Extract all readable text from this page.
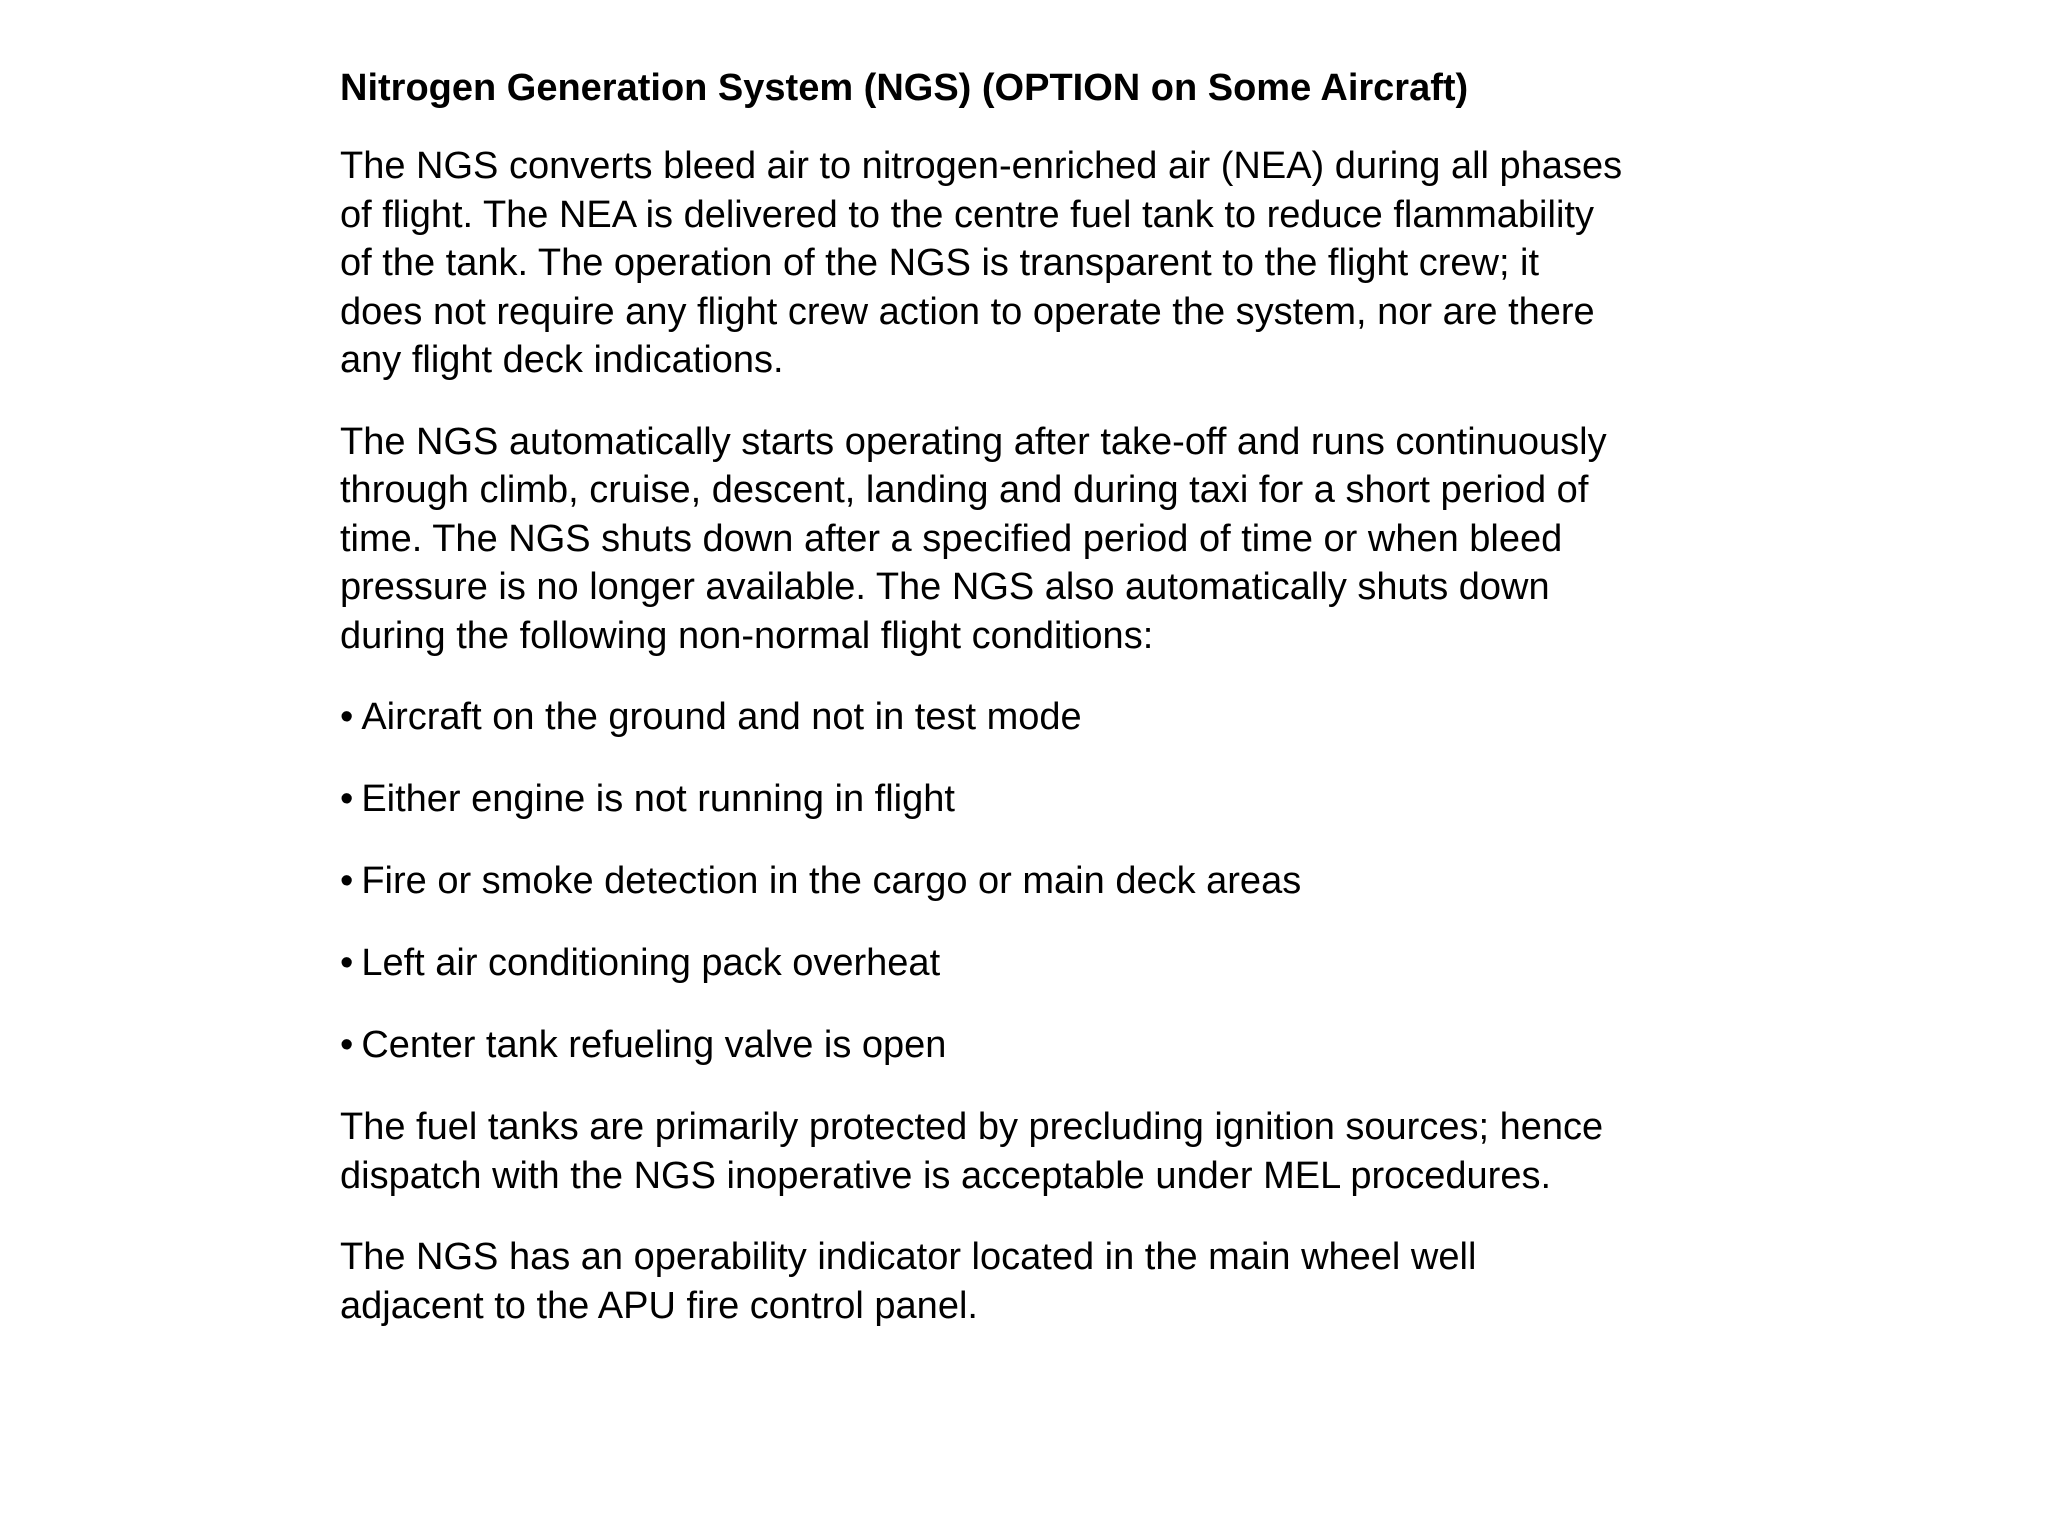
Nitrogen Generation System (NGS) (OPTION on Some Aircraft)
The NGS converts bleed air to nitrogen-enriched air (NEA) during all phases
of flight. The NEA is delivered to the centre fuel tank to reduce flammability
of the tank. The operation of the NGS is transparent to the flight crew; it
does not require any flight crew action to operate the system, nor are there
any flight deck indications.
The NGS automatically starts operating after take-off and runs continuously
through climb, cruise, descent, landing and during taxi for a short period of
time. The NGS shuts down after a specified period of time or when bleed
pressure is no longer available. The NGS also automatically shuts down
during the following non-normal flight conditions:
• Aircraft on the ground and not in test mode
• Either engine is not running in flight
• Fire or smoke detection in the cargo or main deck areas
• Left air conditioning pack overheat
• Center tank refueling valve is open
The fuel tanks are primarily protected by precluding ignition sources; hence
dispatch with the NGS inoperative is acceptable under MEL procedures.
The NGS has an operability indicator located in the main wheel well
adjacent to the APU fire control panel.
